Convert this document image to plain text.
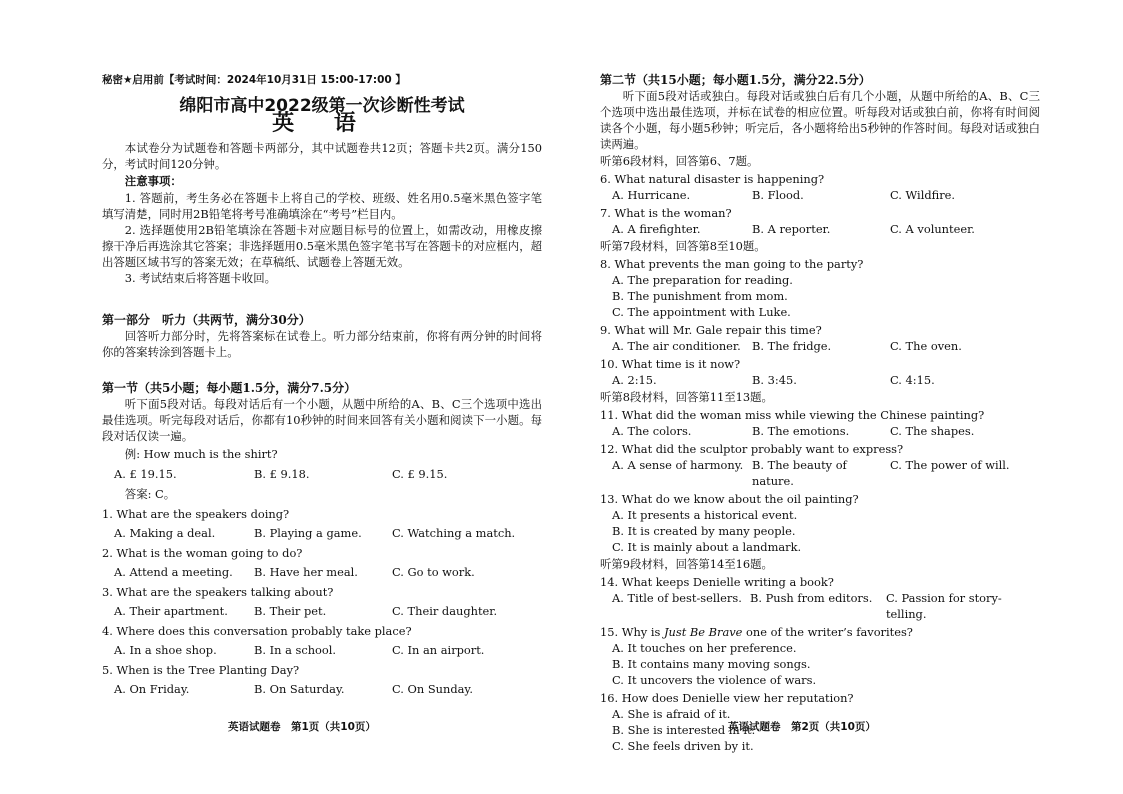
秘密★启用前【考试时间：2024年10月31日 15:00-17:00 】
绵阳市高中2022级第一次诊断性考试
英 语

本试卷分为试题卷和答题卡两部分，其中试题卷共12页；答题卡共2页。满分150分，考试时间120分钟。

注意事项：

1. 答题前，考生务必在答题卡上将自己的学校、班级、姓名用0.5毫米黑色签字笔填写清楚，同时用2B铅笔将考号准确填涂在“考号”栏目内。

2. 选择题使用2B铅笔填涂在答题卡对应题目标号的位置上，如需改动，用橡皮擦擦干净后再选涂其它答案；非选择题用0.5毫米黑色签字笔书写在答题卡的对应框内，超出答题区域书写的答案无效；在草稿纸、试题卷上答题无效。

3. 考试结束后将答题卡收回。

第一部分　听力（共两节，满分30分）

回答听力部分时，先将答案标在试卷上。听力部分结束前，你将有两分钟的时间将你的答案转涂到答题卡上。

第一节（共5小题；每小题1.5分，满分7.5分）

听下面5段对话。每段对话后有一个小题，从题中所给的A、B、C三个选项中选出最佳选项。听完每段对话后，你都有10秒钟的时间来回答有关小题和阅读下一小题。每段对话仅读一遍。

例: How much is the shirt?
A. £ 19.15.	B. £ 9.18.	C. £ 9.15.
答案: C。
1. What are the speakers doing?
A. Making a deal.	B. Playing a game.	C. Watching a match.
2. What is the woman going to do?
A. Attend a meeting.	B. Have her meal.	C. Go to work.
3. What are the speakers talking about?
A. Their apartment.	B. Their pet.	C. Their daughter.
4. Where does this conversation probably take place?
A. In a shoe shop.	B. In a school.	C. In an airport.
5. When is the Tree Planting Day?
A. On Friday.	B. On Saturday.	C. On Sunday.
第二节（共15小题；每小题1.5分，满分22.5分）

听下面5段对话或独白。每段对话或独白后有几个小题，从题中所给的A、B、C三个选项中选出最佳选项，并标在试卷的相应位置。听每段对话或独白前，你将有时间阅读各个小题，每小题5秒钟；听完后，各小题将给出5秒钟的作答时间。每段对话或独白读两遍。

听第6段材料，回答第6、7题。
6. What natural disaster is happening?
A. Hurricane.	B. Flood.	C. Wildfire.
7. What is the woman?
A. A firefighter.	B. A reporter.	C. A volunteer.
听第7段材料，回答第8至10题。
8. What prevents the man going to the party?
A. The preparation for reading.
B. The punishment from mom.
C. The appointment with Luke.
9. What will Mr. Gale repair this time?
A. The air conditioner. B. The fridge.	C. The oven.
10. What time is it now?
A. 2:15.	B. 3:45.	C. 4:15.
听第8段材料，回答第11至13题。
11. What did the woman miss while viewing the Chinese painting?
A. The colors.	B. The emotions.	C. The shapes.
12. What did the sculptor probably want to express?
A. A sense of harmony. B. The beauty of nature.
C. The power of will.
13. What do we know about the oil painting?
A. It presents a historical event.
B. It is created by many people.
C. It is mainly about a landmark.
听第9段材料，回答第14至16题。
14. What keeps Denielle writing a book?
A. Title of best-sellers. B. Push from editors.	C. Passion for story-telling.
15. Why is Just Be Brave one of the writer’s favorites?
A. It touches on her preference.
B. It contains many moving songs.
C. It uncovers the violence of wars.
16. How does Denielle view her reputation?
A. She is afraid of it.
B. She is interested in it.
C. She feels driven by it.
英语试题卷　第1页（共10页）	英语试题卷　第2页（共10页）
